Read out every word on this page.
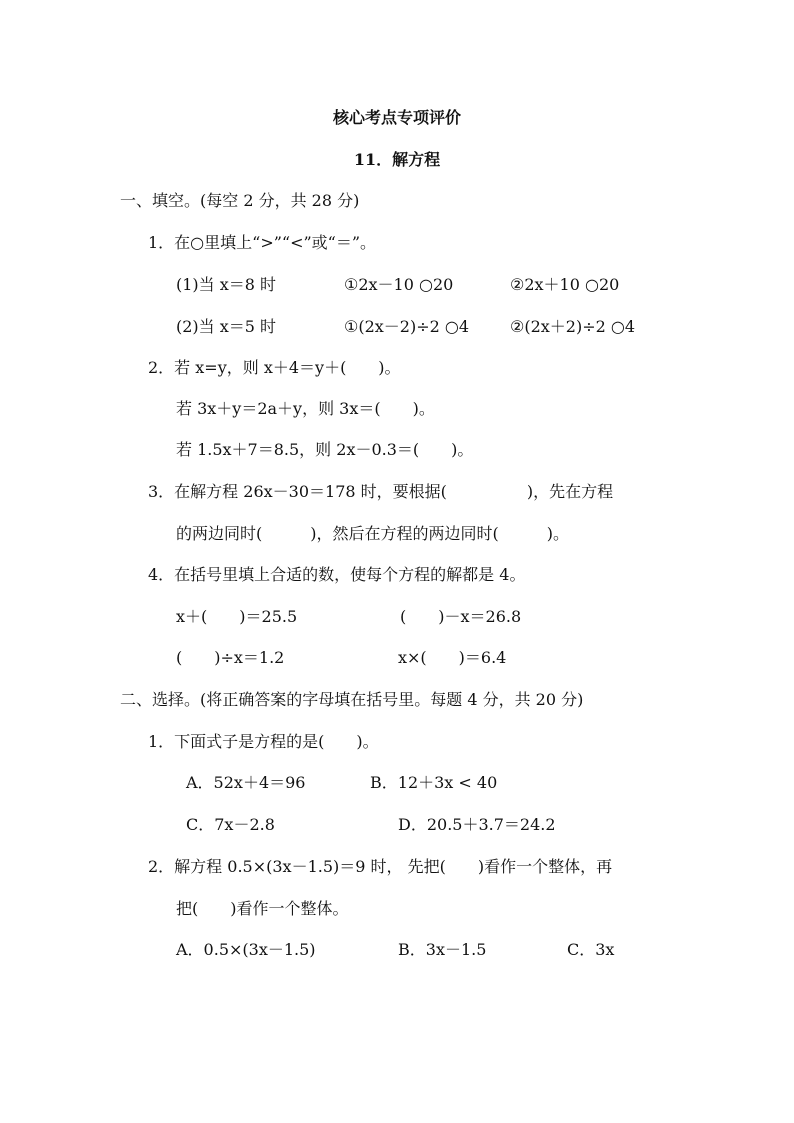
核心考点专项评价
11．解方程
一、填空。(每空 2 分，共 28 分)
1．在○里填上“>”“<”或“＝”。
(1)当 x＝8 时	①2x－10 ○20	②2x＋10 ○20
(2)当 x＝5 时	①(2x－2)÷2 ○4	②(2x＋2)÷2 ○4
2．若 x=y，则 x＋4＝y＋(　　)。
若 3x＋y＝2a＋y，则 3x＝(　　)。
若 1.5x＋7＝8.5，则 2x－0.3＝(　　)。
3．在解方程 26x－30＝178 时，要根据(　　　　　)，先在方程
的两边同时(　　　)，然后在方程的两边同时(　　　)。
4．在括号里填上合适的数，使每个方程的解都是 4。
x＋(　　)＝25.5	(　　)－x＝26.8
(　　)÷x＝1.2	x×(　　)＝6.4
二、选择。(将正确答案的字母填在括号里。每题 4 分，共 20 分)
1．下面式子是方程的是(　　)。
A．52x＋4＝96	B．12＋3x < 40
C．7x－2.8	D．20.5＋3.7＝24.2
2．解方程 0.5×(3x－1.5)＝9 时， 先把(　　)看作一个整体，再
把(　　)看作一个整体。
A．0.5×(3x－1.5)	B．3x－1.5	C．3x
